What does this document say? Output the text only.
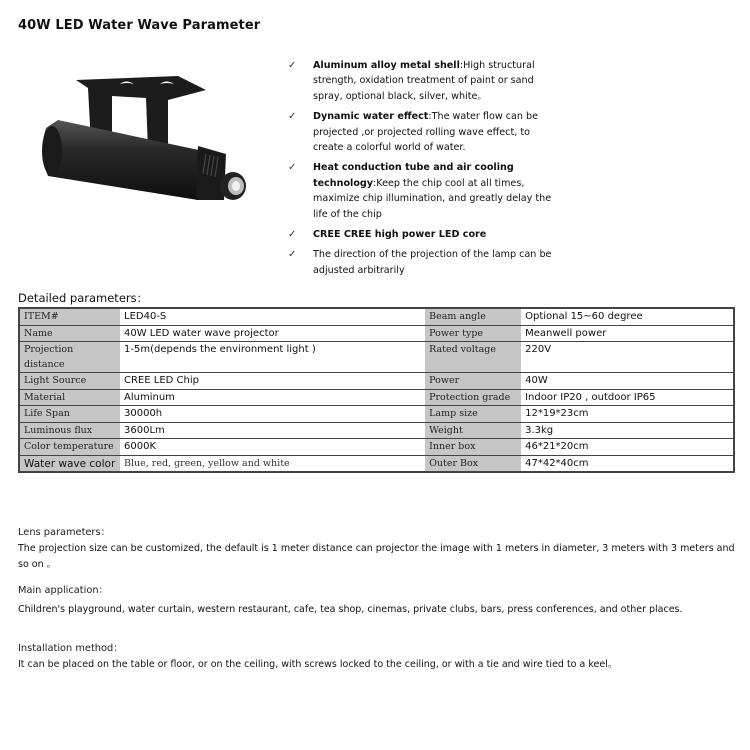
40W LED Water Wave Parameter
✓ Aluminum alloy metal shell:High structural strength, oxidation treatment of paint or sand spray, optional black, silver, white。
✓ Dynamic water effect:The water flow can be projected ,or projected rolling wave effect, to create a colorful world of water.
✓ Heat conduction tube and air cooling technology:Keep the chip cool at all times, maximize chip illumination, and greatly delay the life of the chip
✓ CREE CREE high power LED core
✓ The direction of the projection of the lamp can be adjusted arbitrarily
Detailed parameters：
ITEM#	LED40-S	Beam angle	Optional 15~60 degree
Name	40W LED water wave projector	Power type	Meanwell power
Projection distance	1-5m(depends the environment light )	Rated voltage	220V
Light Source	CREE LED Chip	Power	40W
Material	Aluminum	Protection grade	Indoor IP20 , outdoor IP65
Life Span	30000h	Lamp size	12*19*23cm
Luminous flux	3600Lm	Weight	3.3kg
Color temperature	6000K	Inner box	46*21*20cm
Water wave color	Blue, red, green, yellow and white	Outer Box	47*42*40cm
Lens parameters：
The projection size can be customized, the default is 1 meter distance can projector the image with 1 meters in diameter, 3 meters with 3 meters and so on 。
Main application：
Children's playground, water curtain, western restaurant, cafe, tea shop, cinemas, private clubs, bars, press conferences, and other places.
Installation method：
It can be placed on the table or floor, or on the ceiling, with screws locked to the ceiling, or with a tie and wire tied to a keel。
